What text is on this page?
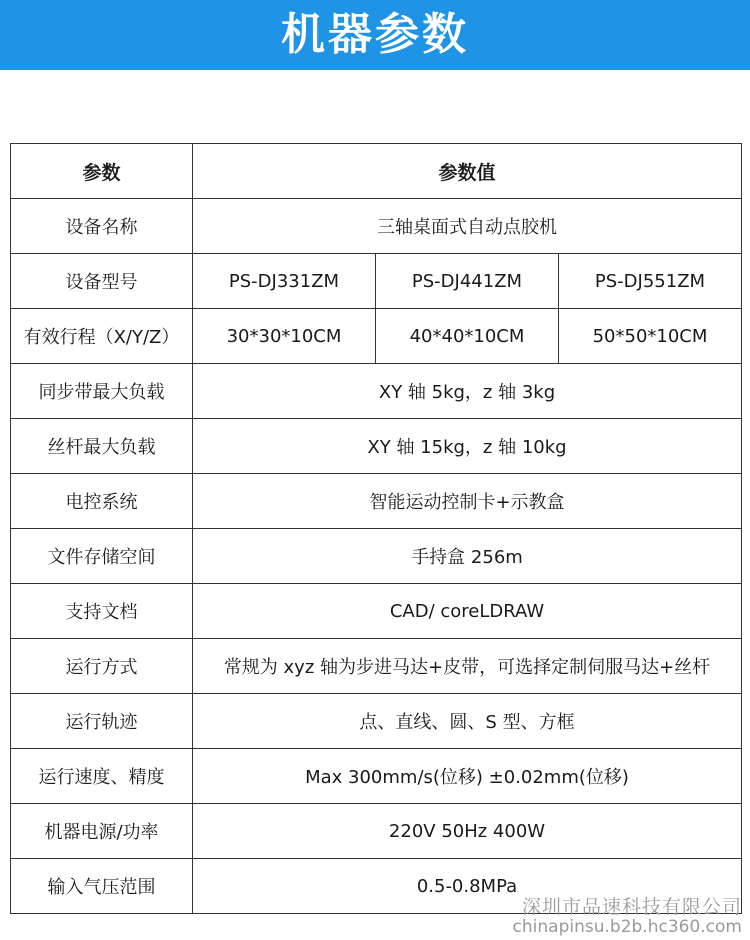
机器参数
参数	参数值		
设备名称	三轴桌面式自动点胶机		
设备型号	PS-DJ331ZM	PS-DJ441ZM	PS-DJ551ZM
有效行程（X/Y/Z）	30*30*10CM	40*40*10CM	50*50*10CM
同步带最大负载	XY 轴 5kg，z 轴 3kg		
丝杆最大负载	XY 轴 15kg，z 轴 10kg		
电控系统	智能运动控制卡+示教盒		
文件存储空间	手持盒 256m		
支持文档	CAD/ coreLDRAW		
运行方式	常规为 xyz 轴为步进马达+皮带，可选择定制伺服马达+丝杆		
运行轨迹	点、直线、圆、S 型、方框		
运行速度、精度	Max 300mm/s(位移) ±0.02mm(位移)		
机器电源/功率	220V 50Hz 400W		
输入气压范围	0.5-0.8MPa		
深圳市品速科技有限公司
chinapinsu.b2b.hc360.com
